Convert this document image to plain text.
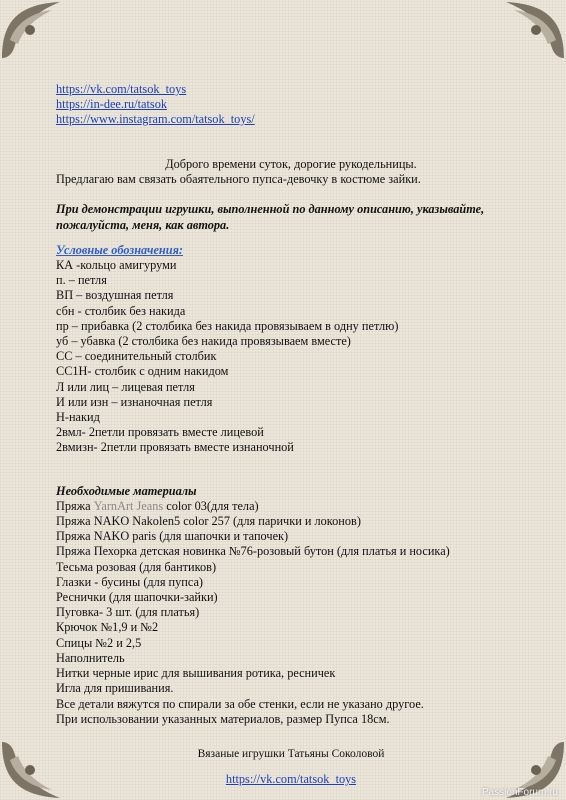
https://vk.com/tatsok_toys
https://in-dee.ru/tatsok
https://www.instagram.com/tatsok_toys/
Доброго времени суток, дорогие рукодельницы.
Предлагаю вам связать обаятельного пупса-девочку в костюме зайки.
При демонстрации игрушки, выполненной по данному описанию, указывайте, пожалуйста, меня, как автора.
Условные обозначения:
КА -кольцо амигуруми
п. – петля
ВП – воздушная петля
сбн - столбик без накида
пр – прибавка (2 столбика без накида провязываем в одну петлю)
уб – убавка (2 столбика без накида провязываем вместе)
СС – соединительный столбик
СС1Н- столбик с одним накидом
Л или лиц – лицевая петля
И или изн – изнаночная петля
Н-накид
2вмл- 2петли провязать вместе лицевой
2вмизн- 2петли провязать вместе изнаночной
Необходимые материалы
Пряжа YarnArt Jeans color 03(для тела)
Пряжа NAKO Nakolen5 color 257 (для парички и локонов)
Пряжа NAKO paris (для шапочки и тапочек)
Пряжа Пехорка детская новинка №76-розовый бутон (для платья и носика)
Тесьма розовая (для бантиков)
Глазки - бусины (для пупса)
Реснички (для шапочки-зайки)
Пуговка- 3 шт. (для платья)
Крючок №1,9 и №2
Спицы №2 и 2,5
Наполнитель
Нитки черные ирис для вышивания ротика, ресничек
Игла для пришивания.
Все детали вяжутся по спирали за обе стенки, если не указано другое.
При использовании указанных материалов, размер Пупса 18см.
Вязаные игрушки Татьяны Соколовой
https://vk.com/tatsok_toys
PassionForum.ru
